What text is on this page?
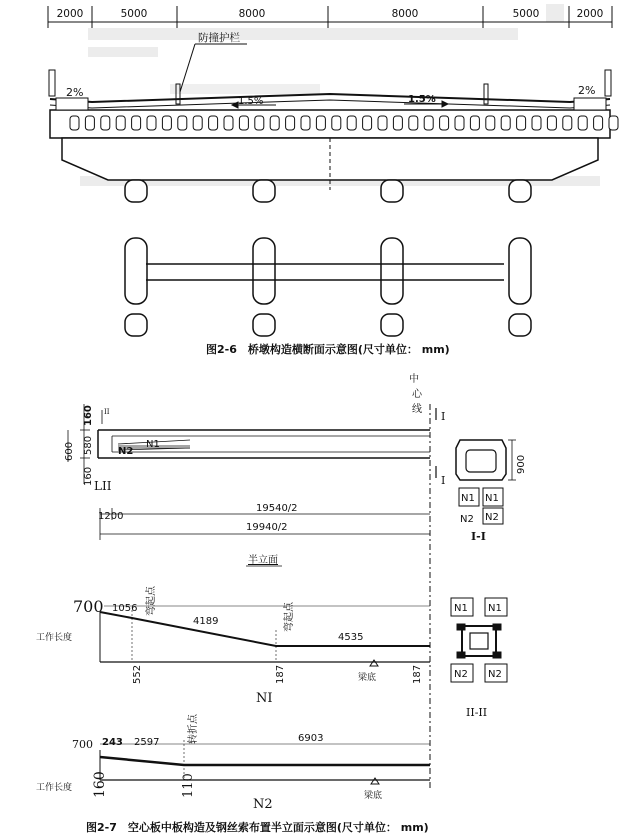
2000	5000	8000	8000	5000	2000
防撞护栏
2%	2%
1.5%	1.5%
图2-6　桥墩构造横断面示意图(尺寸单位： mm)
中
心
线
I
I
II
N1
N2
160
580
600
160 LII
1200
19540/2
19940/2
半立面
900
N1 N1
N2 N2
I-I
700 1056 弯起点
4189	弯起点
4535
工作长度
552	187	187
梁底
NI
N1 N1
N2 N2
II-II
700 243 2597	转折点	6903
工作长度 160	110	梁底
N2
图2-7　空心板中板构造及钢丝索布置半立面示意图(尺寸单位： mm)
